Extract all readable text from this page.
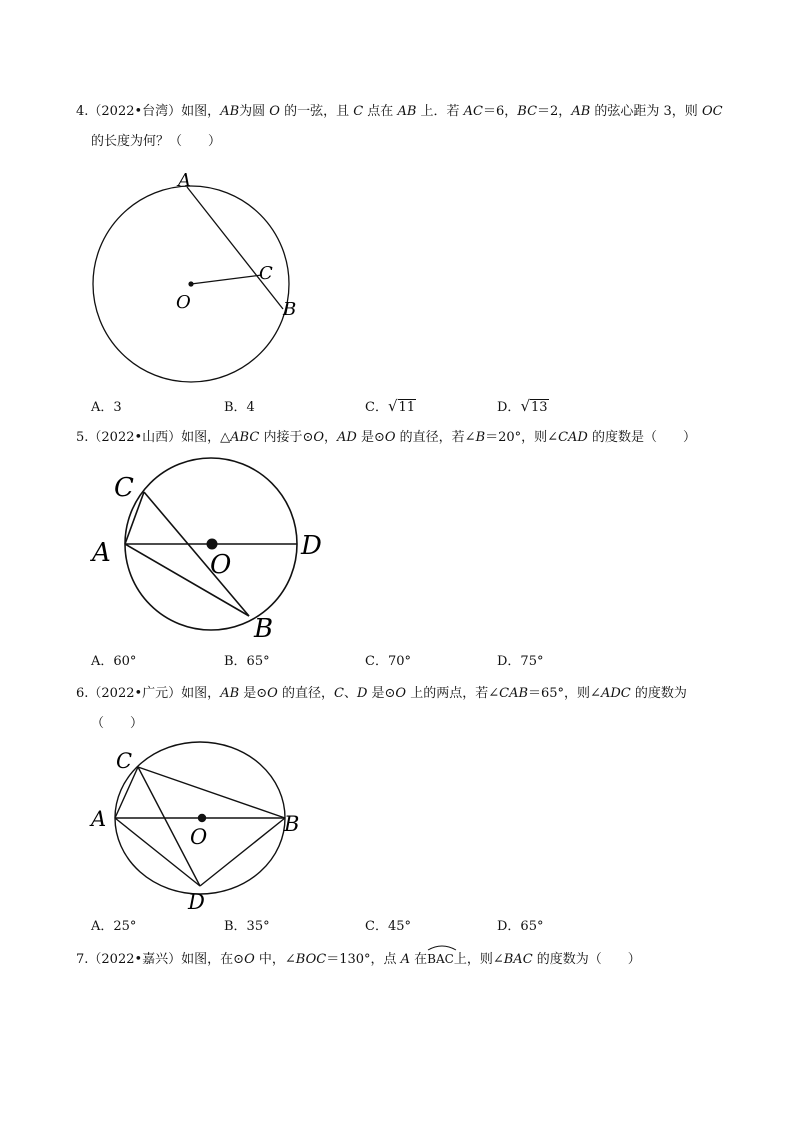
4.（2022•台湾）如图，AB为圆 O 的一弦，且 C 点在 AB 上．若 AC＝6，BC＝2，AB 的弦心距为 3，则 OC
的长度为何？（　　）
A
C
O	B
A．3	B．4	C．√11	D．√13
5.（2022•山西）如图，△ABC 内接于⊙O，AD 是⊙O 的直径，若∠B＝20°，则∠CAD 的度数是（　　）
C
A	O
D
B
A．60°	B．65°	C．70°	D．75°
6.（2022•广元）如图，AB 是⊙O 的直径，C、D 是⊙O 上的两点，若∠CAB＝65°，则∠ADC 的度数为
（　　）
C
A
O
B
D
A．25°	B．35°	C．45°	D．65°
7.（2022•嘉兴）如图，在⊙O 中，∠BOC＝130°，点 A 在
BAC上，则∠BAC 的度数为（　　）
